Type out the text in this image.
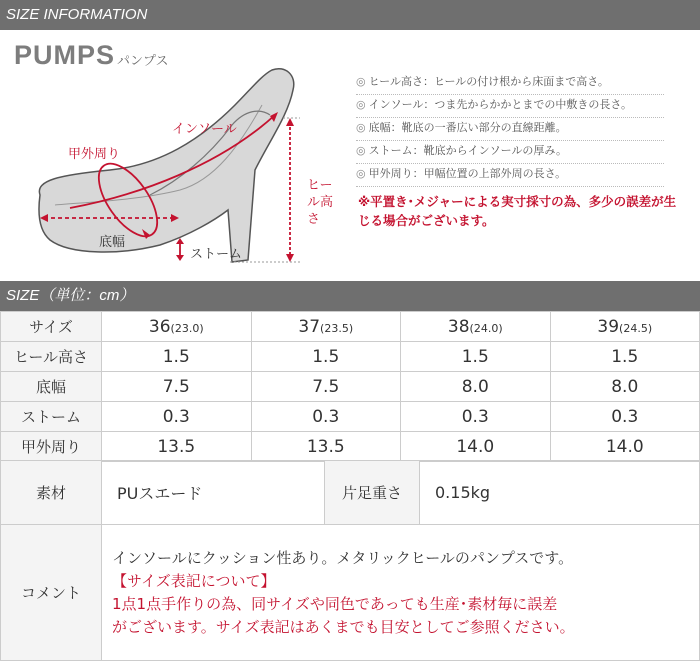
SIZE INFORMATION
PUMPS パンプス
インソール
甲外周り
ヒール高さ
底幅
ストーム
◎ ヒール高さ：ヒールの付け根から床面まで高さ。
◎ インソール：つま先からかかとまでの中敷きの長さ。
◎ 底幅：靴底の一番広い部分の直線距離。
◎ ストーム：靴底からインソールの厚み。
◎ 甲外周り：甲幅位置の上部外周の長さ。
※平置き･メジャーによる実寸採寸の為、多少の誤差が生じる場合がございます。
SIZE（単位：cm）
サイズ	36(23.0)	37(23.5)	38(24.0)	39(24.5)
ヒール高さ	1.5	1.5	1.5	1.5
底幅	7.5	7.5	8.0	8.0
ストーム	0.3	0.3	0.3	0.3
甲外周り	13.5	13.5	14.0	14.0
素材	PUスエード	片足重さ	0.15kg
コメント	
インソールにクッション性あり。メタリックヒールのパンプスです。
【サイズ表記について】
1点1点手作りの為、同サイズや同色であっても生産･素材毎に誤差
がございます。サイズ表記はあくまでも目安としてご参照ください。
